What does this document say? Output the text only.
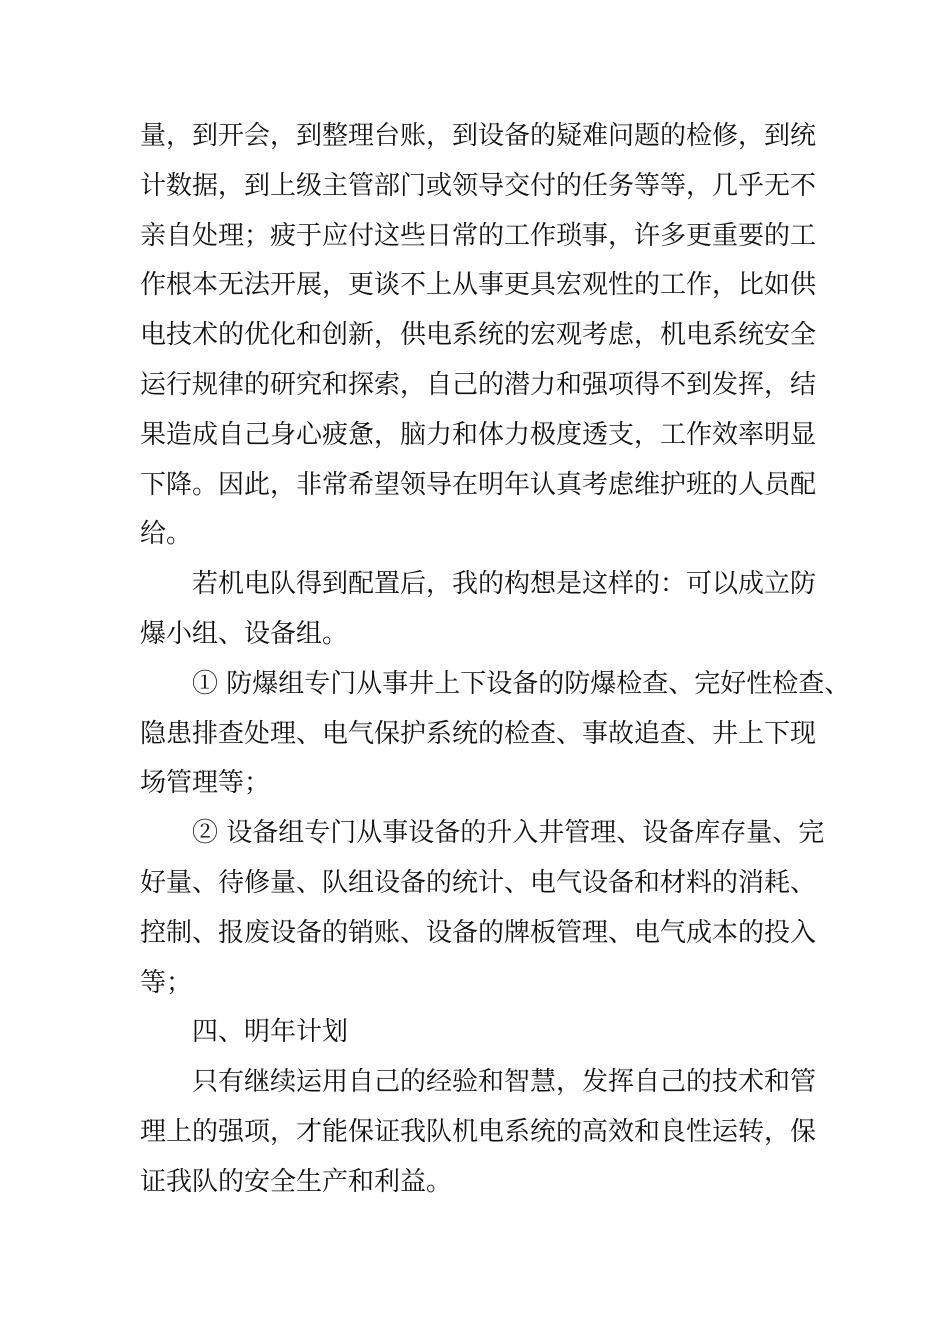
量，到开会，到整理台账，到设备的疑难问题的检修，到统
计数据，到上级主管部门或领导交付的任务等等，几乎无不
亲自处理；疲于应付这些日常的工作琐事，许多更重要的工
作根本无法开展，更谈不上从事更具宏观性的工作，比如供
电技术的优化和创新，供电系统的宏观考虑，机电系统安全
运行规律的研究和探索，自己的潜力和强项得不到发挥，结
果造成自己身心疲惫，脑力和体力极度透支，工作效率明显
下降。因此，非常希望领导在明年认真考虑维护班的人员配
给。
若机电队得到配置后，我的构想是这样的：可以成立防
爆小组、设备组。
① 防爆组专门从事井上下设备的防爆检查、完好性检查、
隐患排查处理、电气保护系统的检查、事故追查、井上下现
场管理等；
② 设备组专门从事设备的升入井管理、设备库存量、完
好量、待修量、队组设备的统计、电气设备和材料的消耗、
控制、报废设备的销账、设备的牌板管理、电气成本的投入
等；
四、明年计划
只有继续运用自己的经验和智慧，发挥自己的技术和管
理上的强项，才能保证我队机电系统的高效和良性运转，保
证我队的安全生产和利益。
